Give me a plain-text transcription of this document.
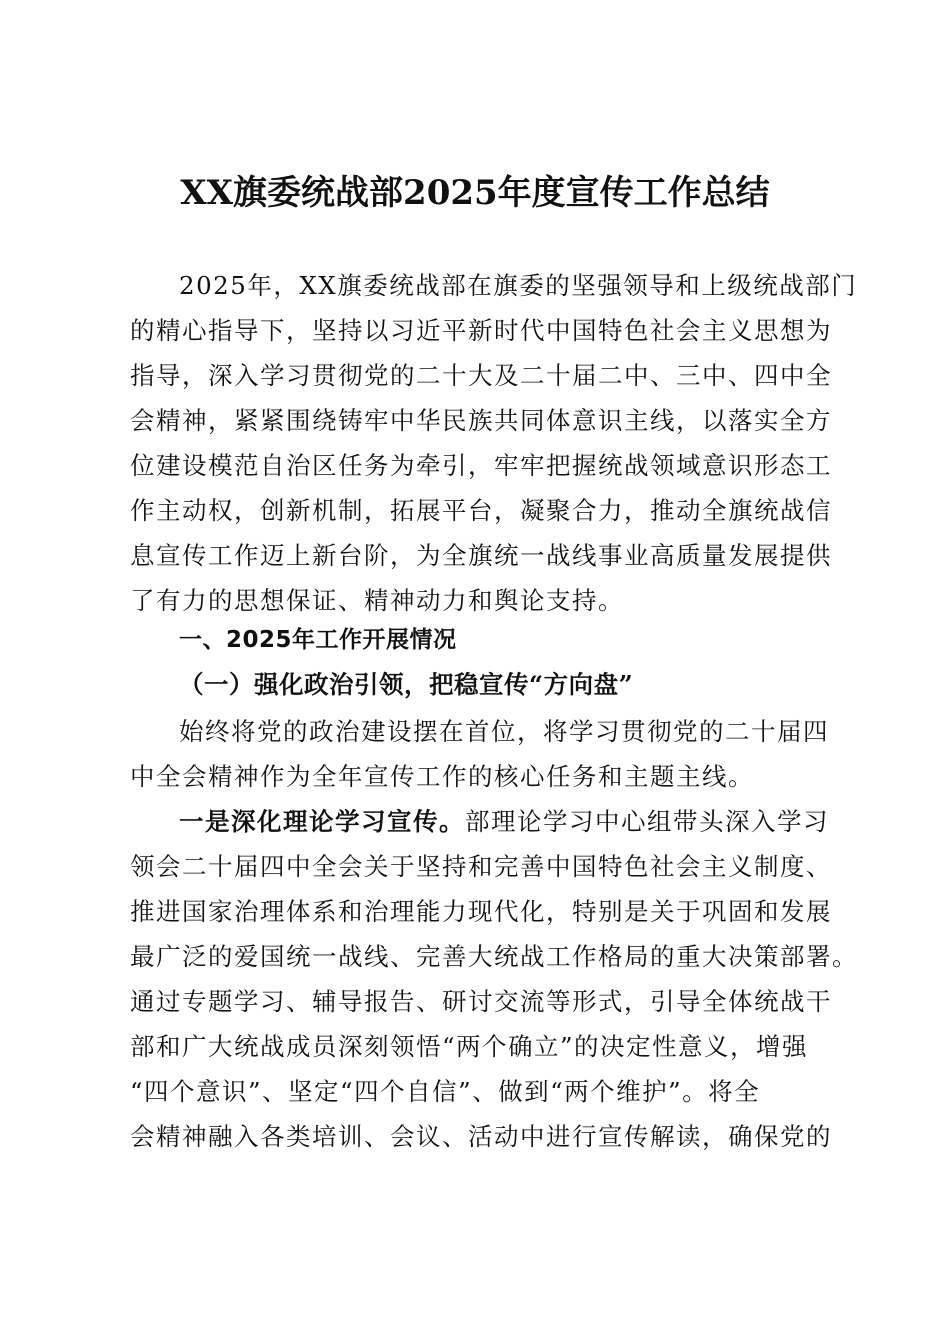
XX旗委统战部2025年度宣传工作总结
2025年，XX旗委统战部在旗委的坚强领导和上级统战部门
的精心指导下，坚持以习近平新时代中国特色社会主义思想为
指导，深入学习贯彻党的二十大及二十届二中、三中、四中全
会精神，紧紧围绕铸牢中华民族共同体意识主线，以落实全方
位建设模范自治区任务为牵引，牢牢把握统战领域意识形态工
作主动权，创新机制，拓展平台，凝聚合力，推动全旗统战信
息宣传工作迈上新台阶，为全旗统一战线事业高质量发展提供
了有力的思想保证、精神动力和舆论支持。
一、2025年工作开展情况
（一）强化政治引领，把稳宣传“方向盘”
始终将党的政治建设摆在首位，将学习贯彻党的二十届四
中全会精神作为全年宣传工作的核心任务和主题主线。
一是深化理论学习宣传。部理论学习中心组带头深入学习
领会二十届四中全会关于坚持和完善中国特色社会主义制度、
推进国家治理体系和治理能力现代化，特别是关于巩固和发展
最广泛的爱国统一战线、完善大统战工作格局的重大决策部署。
通过专题学习、辅导报告、研讨交流等形式，引导全体统战干
部和广大统战成员深刻领悟“两个确立”的决定性意义，增强
“四个意识”、坚定“四个自信”、做到“两个维护”。将全
会精神融入各类培训、会议、活动中进行宣传解读，确保党的
